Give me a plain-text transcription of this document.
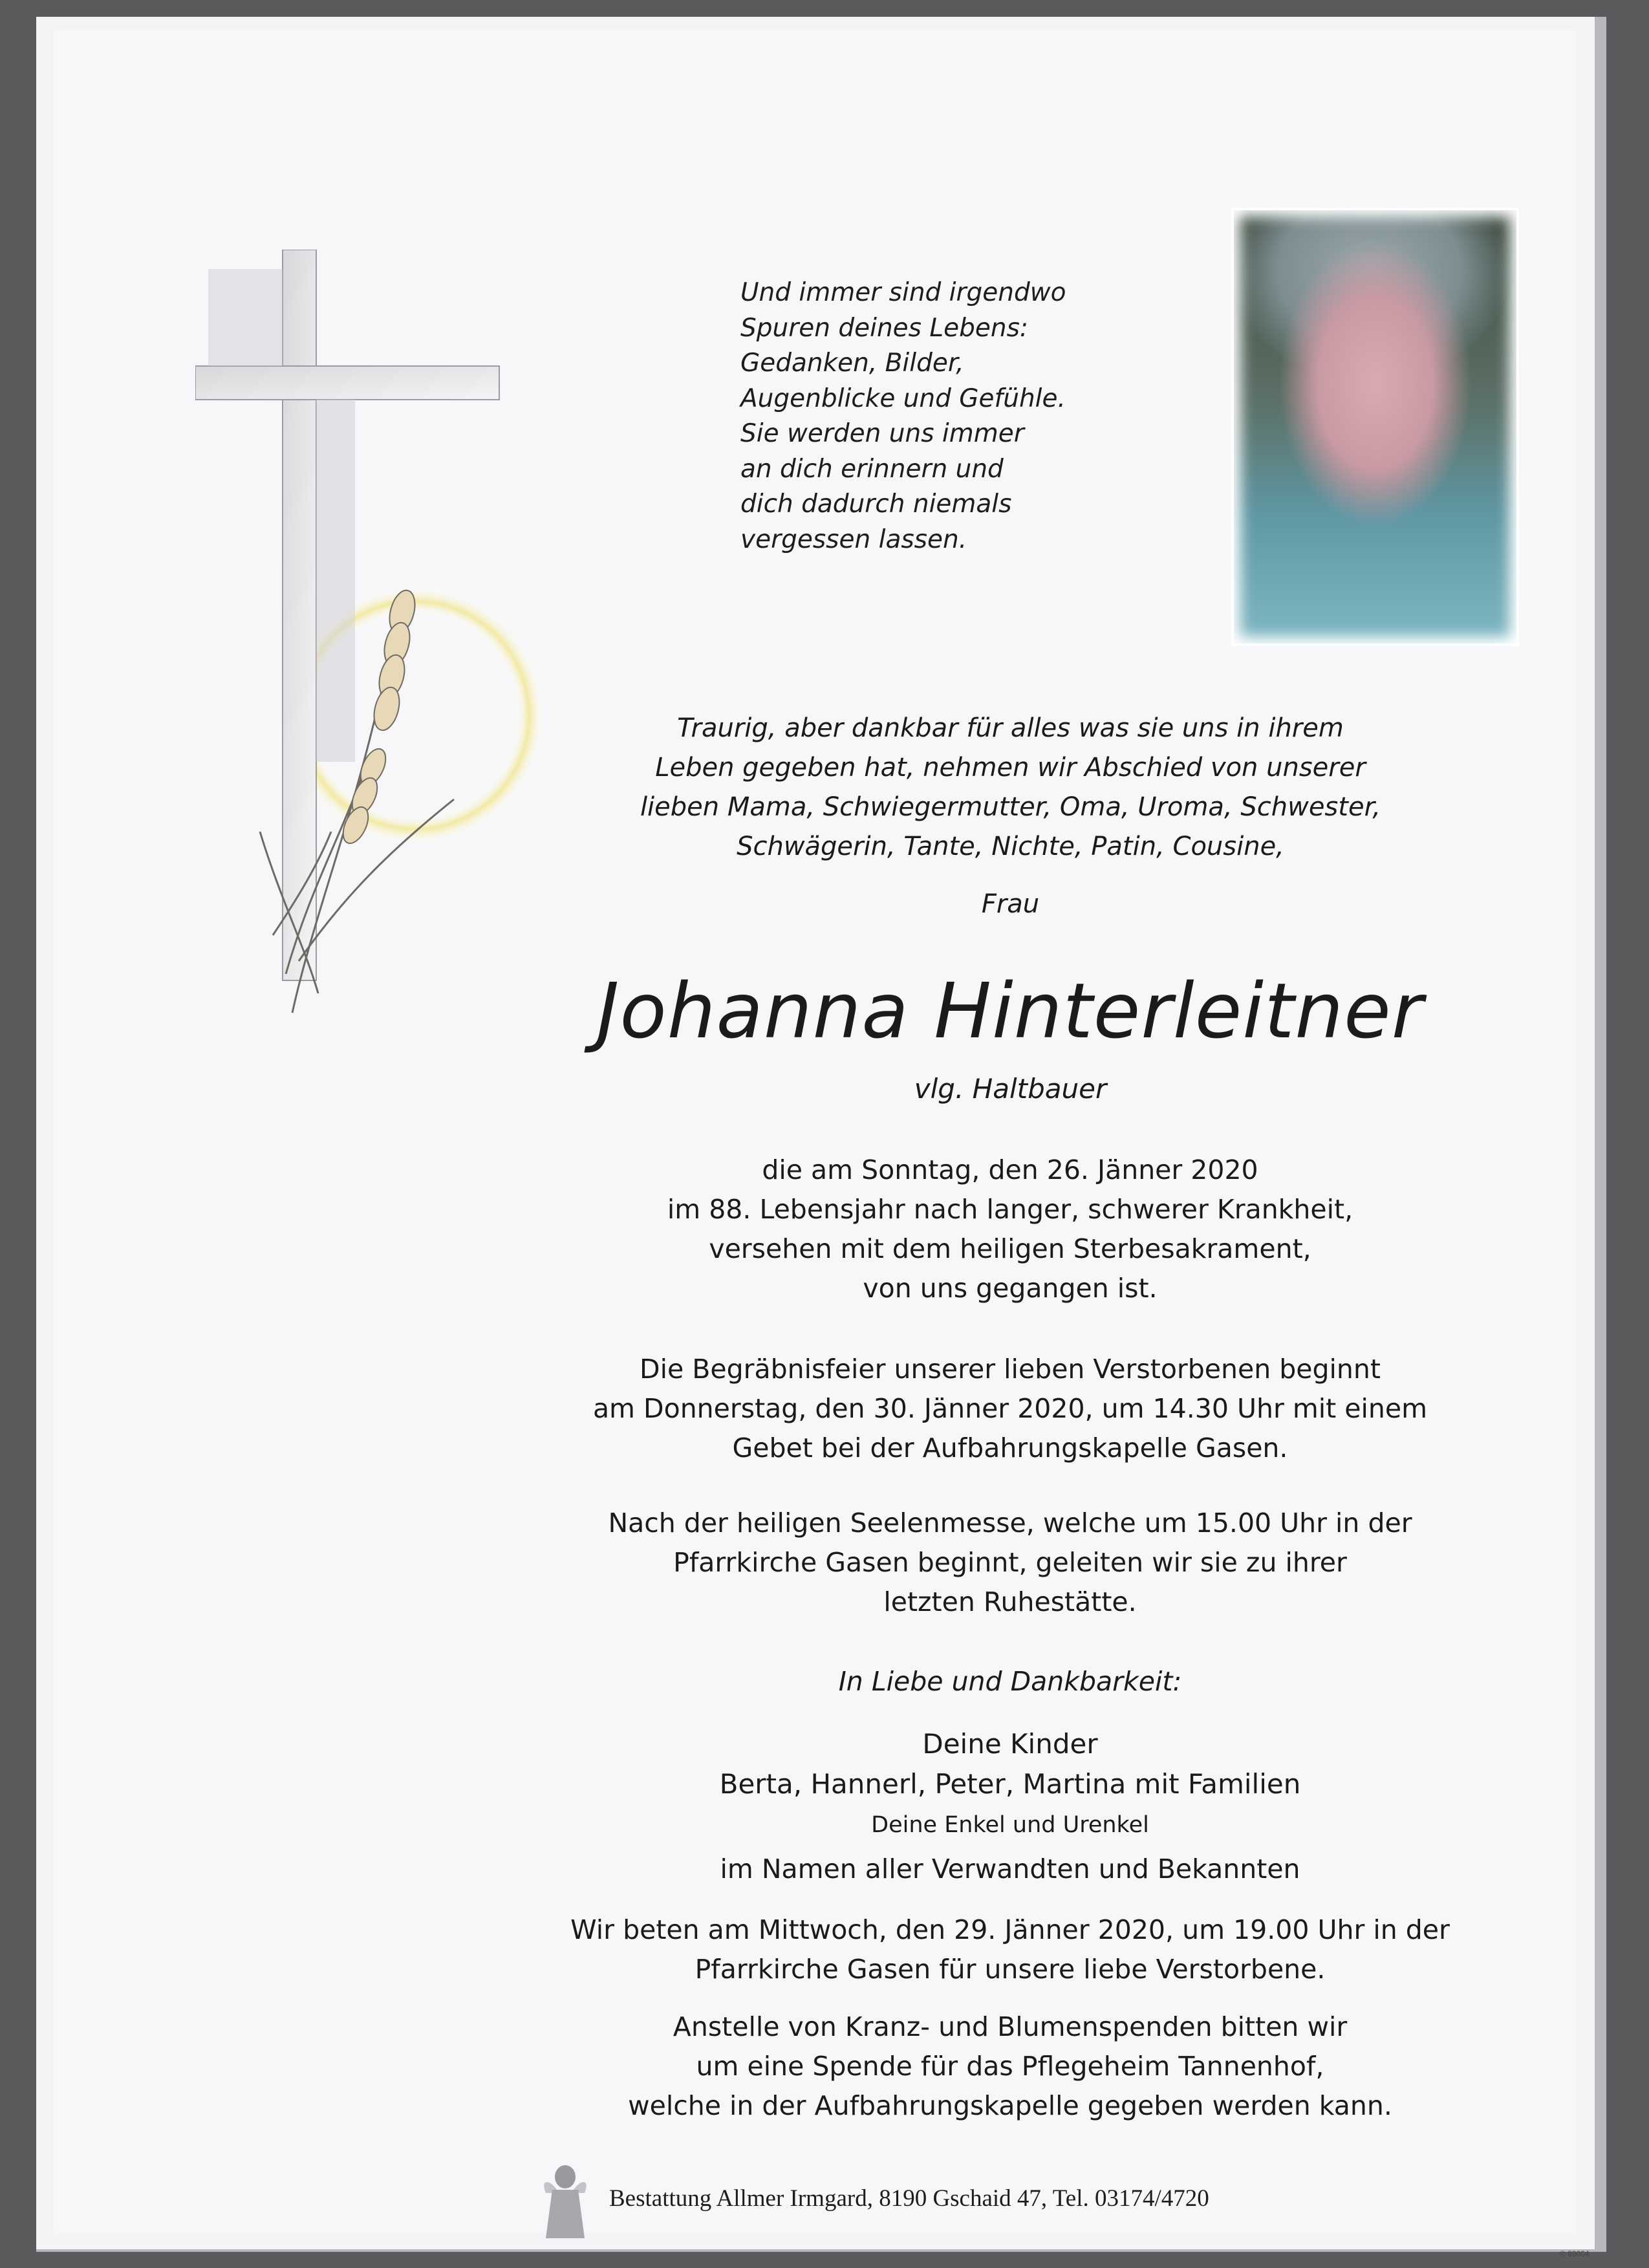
Und immer sind irgendwo
Spuren deines Lebens:
Gedanken, Bilder,
Augenblicke und Gefühle.
Sie werden uns immer
an dich erinnern und
dich dadurch niemals
vergessen lassen.
Traurig, aber dankbar für alles was sie uns in ihrem
Leben gegeben hat, nehmen wir Abschied von unserer
lieben Mama, Schwiegermutter, Oma, Uroma, Schwester,
Schwägerin, Tante, Nichte, Patin, Cousine,
Frau
Johanna Hinterleitner
vlg. Haltbauer
die am Sonntag, den 26. Jänner 2020
im 88. Lebensjahr nach langer, schwerer Krankheit,
versehen mit dem heiligen Sterbesakrament,
von uns gegangen ist.
Die Begräbnisfeier unserer lieben Verstorbenen beginnt
am Donnerstag, den 30. Jänner 2020, um 14.30 Uhr mit einem
Gebet bei der Aufbahrungskapelle Gasen.
Nach der heiligen Seelenmesse, welche um 15.00 Uhr in der
Pfarrkirche Gasen beginnt, geleiten wir sie zu ihrer
letzten Ruhestätte.
In Liebe und Dankbarkeit:
Deine Kinder
Berta, Hannerl, Peter, Martina mit Familien
Deine Enkel und Urenkel
im Namen aller Verwandten und Bekannten
Wir beten am Mittwoch, den 29. Jänner 2020, um 19.00 Uhr in der
Pfarrkirche Gasen für unsere liebe Verstorbene.
Anstelle von Kranz- und Blumenspenden bitten wir
um eine Spende für das Pflegeheim Tannenhof,
welche in der Aufbahrungskapelle gegeben werden kann.
Bestattung Allmer Irmgard, 8190 Gschaid 47, Tel. 03174/4720
© 89004
